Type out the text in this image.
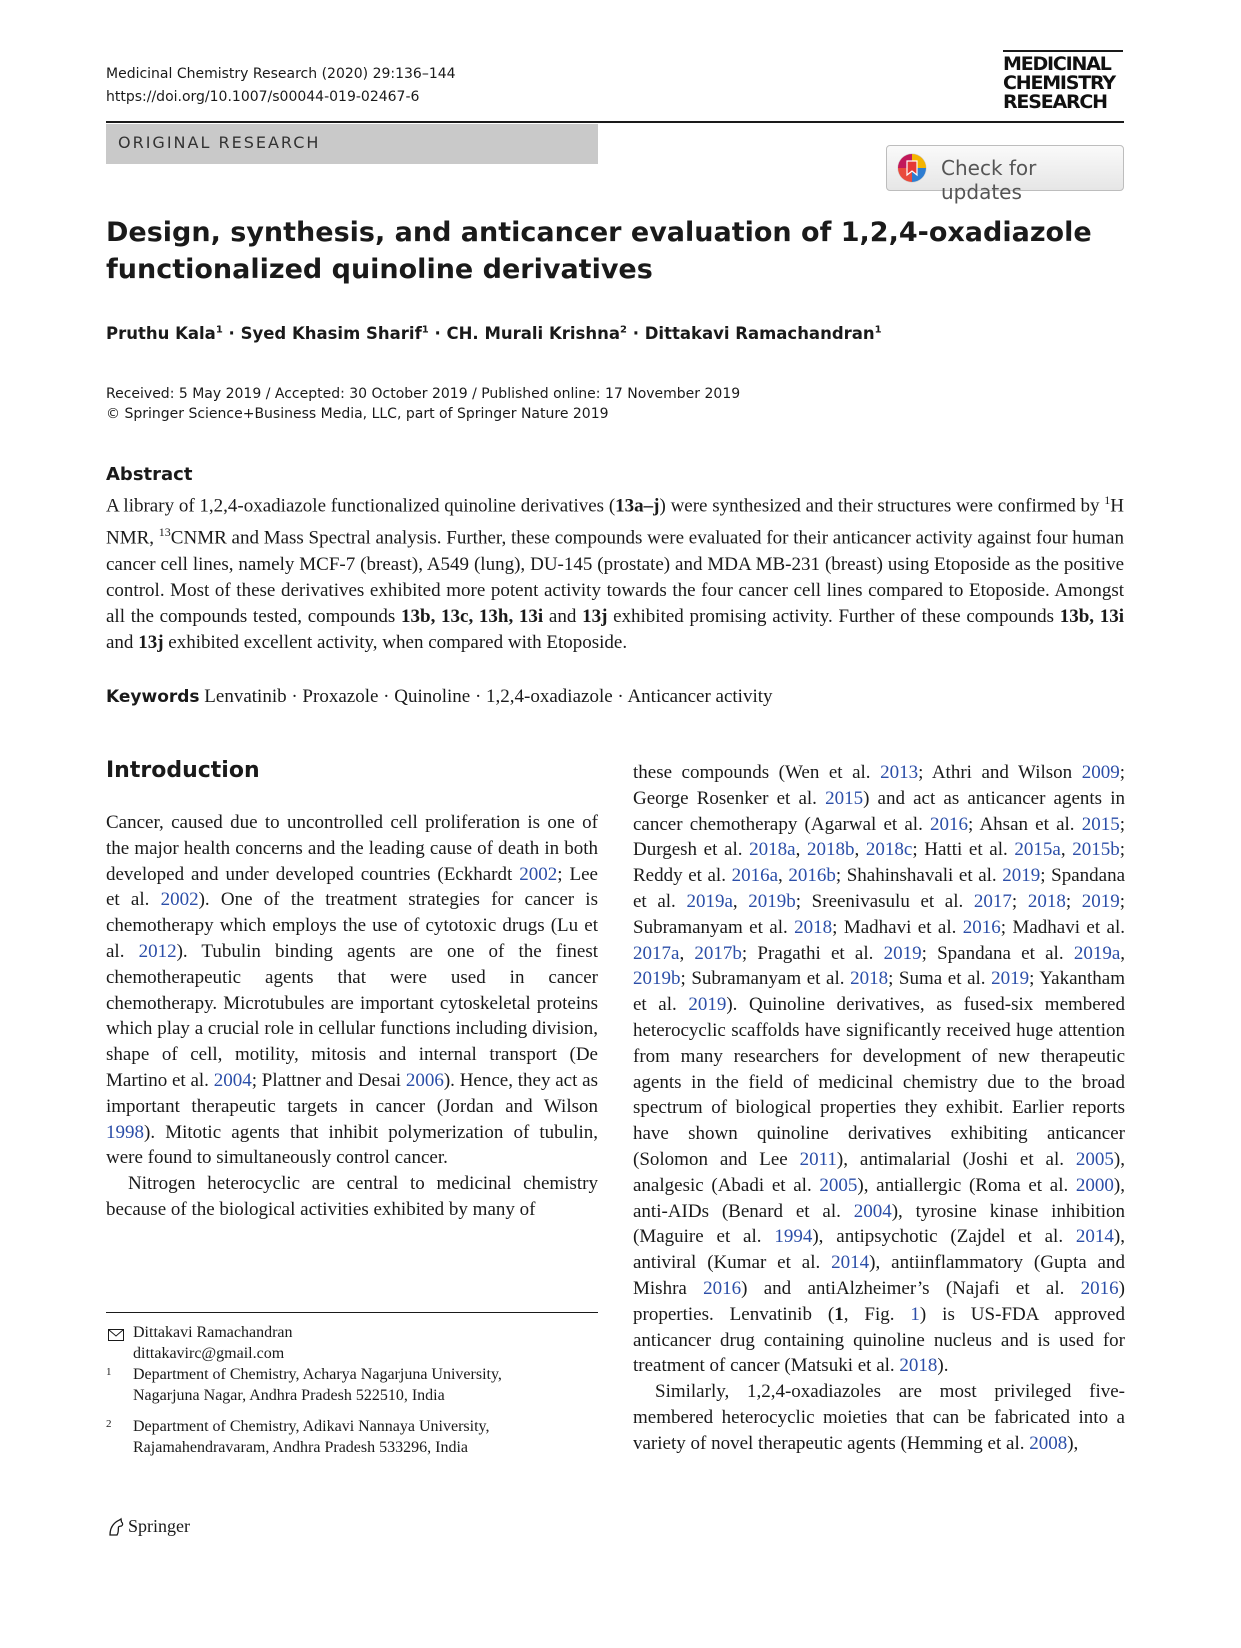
Medicinal Chemistry Research (2020) 29:136–144
https://doi.org/10.1007/s00044-019-02467-6
MEDICINAL
CHEMISTRY
RESEARCH
ORIGINAL RESEARCH
Check for updates
Design, synthesis, and anticancer evaluation of 1,2,4-oxadiazole functionalized quinoline derivatives
Pruthu Kala$^1$ · Syed Khasim Sharif$^1$ · CH. Murali Krishna$^2$ · Dittakavi Ramachandran$^1$
Received: 5 May 2019 / Accepted: 30 October 2019 / Published online: 17 November 2019
© Springer Science+Business Media, LLC, part of Springer Nature 2019
Abstract

A library of 1,2,4-oxadiazole functionalized quinoline derivatives (13a–j) were synthesized and their structures were confirmed by $^1$H NMR, $^{13}$CNMR and Mass Spectral analysis. Further, these compounds were evaluated for their anticancer activity against four human cancer cell lines, namely MCF-7 (breast), A549 (lung), DU-145 (prostate) and MDA MB-231 (breast) using Etoposide as the positive control. Most of these derivatives exhibited more potent activity towards the four cancer cell lines compared to Etoposide. Amongst all the compounds tested, compounds 13b, 13c, 13h, 13i and 13j exhibited promising activity. Further of these compounds 13b, 13i and 13j exhibited excellent activity, when compared with Etoposide.

Keywords Lenvatinib · Proxazole · Quinoline · 1,2,4-oxadiazole · Anticancer activity
Introduction

Cancer, caused due to uncontrolled cell proliferation is one of the major health concerns and the leading cause of death in both developed and under developed countries (Eckhardt 2002; Lee et al. 2002). One of the treatment strategies for cancer is chemotherapy which employs the use of cytotoxic drugs (Lu et al. 2012). Tubulin binding agents are one of the finest chemotherapeutic agents that were used in cancer chemotherapy. Microtubules are important cytoskeletal proteins which play a crucial role in cellular functions including division, shape of cell, motility, mitosis and internal transport (De Martino et al. 2004; Plattner and Desai 2006). Hence, they act as important therapeutic targets in cancer (Jordan and Wilson 1998). Mitotic agents that inhibit polymerization of tubulin, were found to simultaneously control cancer.

Nitrogen heterocyclic are central to medicinal chemistry because of the biological activities exhibited by many of

these compounds (Wen et al. 2013; Athri and Wilson 2009; George Rosenker et al. 2015) and act as anticancer agents in cancer chemotherapy (Agarwal et al. 2016; Ahsan et al. 2015; Durgesh et al. 2018a, 2018b, 2018c; Hatti et al. 2015a, 2015b; Reddy et al. 2016a, 2016b; Shahinshavali et al. 2019; Spandana et al. 2019a, 2019b; Sreenivasulu et al. 2017; 2018; 2019; Subramanyam et al. 2018; Madhavi et al. 2016; Madhavi et al. 2017a, 2017b; Pragathi et al. 2019; Spandana et al. 2019a, 2019b; Subramanyam et al. 2018; Suma et al. 2019; Yakantham et al. 2019). Quinoline derivatives, as fused-six membered heterocyclic scaffolds have significantly received huge attention from many researchers for development of new therapeutic agents in the field of medicinal chemistry due to the broad spectrum of biological properties they exhibit. Earlier reports have shown quinoline derivatives exhibiting anticancer (Solomon and Lee 2011), antimalarial (Joshi et al. 2005), analgesic (Abadi et al. 2005), antiallergic (Roma et al. 2000), anti-AIDs (Benard et al. 2004), tyrosine kinase inhibition (Maguire et al. 1994), antipsychotic (Zajdel et al. 2014), antiviral (Kumar et al. 2014), antiinflammatory (Gupta and Mishra 2016) and antiAlzheimer’s (Najafi et al. 2016) properties. Lenvatinib (1, Fig. 1) is US-FDA approved anticancer drug containing quinoline nucleus and is used for treatment of cancer (Matsuki et al. 2018).

Similarly, 1,2,4-oxadiazoles are most privileged five-membered heterocyclic moieties that can be fabricated into a variety of novel therapeutic agents (Hemming et al. 2008),

Dittakavi Ramachandran
dittakavirc@gmail.com
1 Department of Chemistry, Acharya Nagarjuna University,
Nagarjuna Nagar, Andhra Pradesh 522510, India
2 Department of Chemistry, Adikavi Nannaya University,
Rajamahendravaram, Andhra Pradesh 533296, India
Springer
